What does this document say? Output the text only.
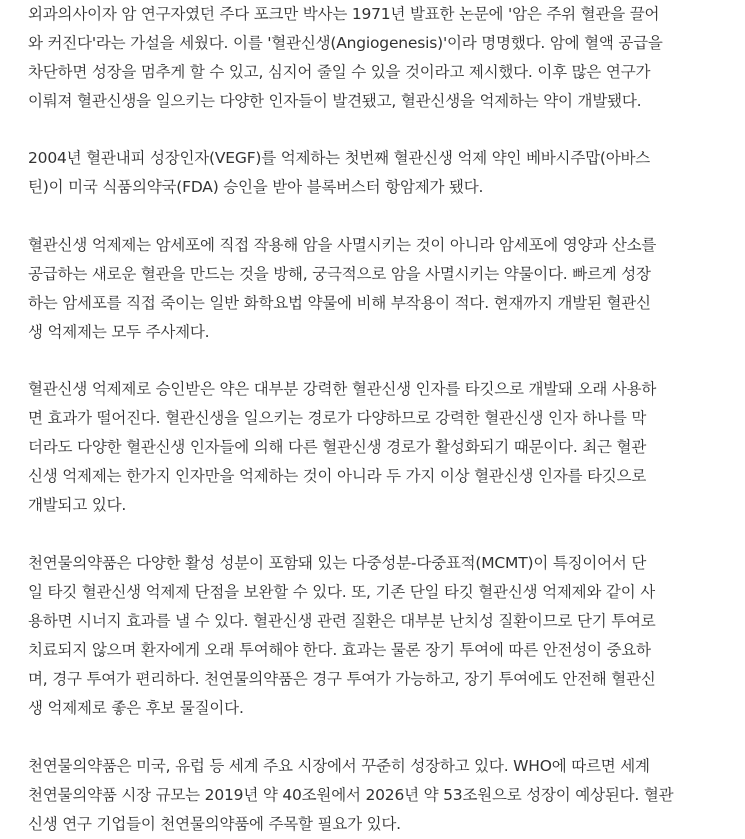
외과의사이자 암 연구자였던 주다 포크만 박사는 1971년 발표한 논문에 '암은 주위 혈관을 끌어
와 커진다'라는 가설을 세웠다. 이를 '혈관신생(Angiogenesis)'이라 명명했다. 암에 혈액 공급을
차단하면 성장을 멈추게 할 수 있고, 심지어 줄일 수 있을 것이라고 제시했다. 이후 많은 연구가
이뤄져 혈관신생을 일으키는 다양한 인자들이 발견됐고, 혈관신생을 억제하는 약이 개발됐다.

2004년 혈관내피 성장인자(VEGF)를 억제하는 첫번째 혈관신생 억제 약인 베바시주맙(아바스
틴)이 미국 식품의약국(FDA) 승인을 받아 블록버스터 항암제가 됐다.

혈관신생 억제제는 암세포에 직접 작용해 암을 사멸시키는 것이 아니라 암세포에 영양과 산소를
공급하는 새로운 혈관을 만드는 것을 방해, 궁극적으로 암을 사멸시키는 약물이다. 빠르게 성장
하는 암세포를 직접 죽이는 일반 화학요법 약물에 비해 부작용이 적다. 현재까지 개발된 혈관신
생 억제제는 모두 주사제다.

혈관신생 억제제로 승인받은 약은 대부분 강력한 혈관신생 인자를 타깃으로 개발돼 오래 사용하
면 효과가 떨어진다. 혈관신생을 일으키는 경로가 다양하므로 강력한 혈관신생 인자 하나를 막
더라도 다양한 혈관신생 인자들에 의해 다른 혈관신생 경로가 활성화되기 때문이다. 최근 혈관
신생 억제제는 한가지 인자만을 억제하는 것이 아니라 두 가지 이상 혈관신생 인자를 타깃으로
개발되고 있다.

천연물의약품은 다양한 활성 성분이 포함돼 있는 다중성분-다중표적(MCMT)이 특징이어서 단
일 타깃 혈관신생 억제제 단점을 보완할 수 있다. 또, 기존 단일 타깃 혈관신생 억제제와 같이 사
용하면 시너지 효과를 낼 수 있다. 혈관신생 관련 질환은 대부분 난치성 질환이므로 단기 투여로
치료되지 않으며 환자에게 오래 투여해야 한다. 효과는 물론 장기 투여에 따른 안전성이 중요하
며, 경구 투여가 편리하다. 천연물의약품은 경구 투여가 가능하고, 장기 투여에도 안전해 혈관신
생 억제제로 좋은 후보 물질이다.

천연물의약품은 미국, 유럽 등 세계 주요 시장에서 꾸준히 성장하고 있다. WHO에 따르면 세계
천연물의약품 시장 규모는 2019년 약 40조원에서 2026년 약 53조원으로 성장이 예상된다. 혈관
신생 연구 기업들이 천연물의약품에 주목할 필요가 있다.
